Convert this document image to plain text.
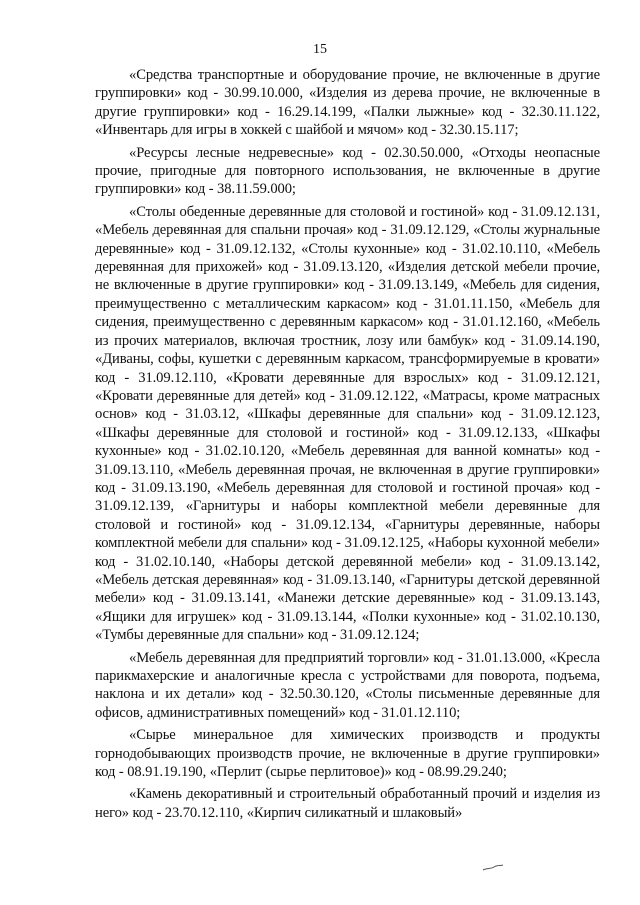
15

«Средства транспортные и оборудование прочие, не включенные в другие группировки» код - 30.99.10.000, «Изделия из дерева прочие, не включенные в другие группировки» код - 16.29.14.199, «Палки лыжные» код - 32.30.11.122, «Инвентарь для игры в хоккей с шайбой и мячом» код - 32.30.15.117;

«Ресурсы лесные недревесные» код - 02.30.50.000, «Отходы неопасные прочие, пригодные для повторного использования, не включенные в другие группировки» код - 38.11.59.000;

«Столы обеденные деревянные для столовой и гостиной» код - 31.09.12.131, «Мебель деревянная для спальни прочая» код - 31.09.12.129, «Столы журнальные деревянные» код - 31.09.12.132, «Столы кухонные» код - 31.02.10.110, «Мебель деревянная для прихожей» код - 31.09.13.120, «Изделия детской мебели прочие, не включенные в другие группировки» код - 31.09.13.149, «Мебель для сидения, преимущественно с металлическим каркасом» код - 31.01.11.150, «Мебель для сидения, преимущественно с деревянным каркасом» код - 31.01.12.160, «Мебель из прочих материалов, включая тростник, лозу или бамбук» код - 31.09.14.190, «Диваны, софы, кушетки с деревянным каркасом, трансформируемые в кровати» код - 31.09.12.110, «Кровати деревянные для взрослых» код - 31.09.12.121, «Кровати деревянные для детей» код - 31.09.12.122, «Матрасы, кроме матрасных основ» код - 31.03.12, «Шкафы деревянные для спальни» код - 31.09.12.123, «Шкафы деревянные для столовой и гостиной» код - 31.09.12.133, «Шкафы кухонные» код - 31.02.10.120, «Мебель деревянная для ванной комнаты» код - 31.09.13.110, «Мебель деревянная прочая, не включенная в другие группировки» код - 31.09.13.190, «Мебель деревянная для столовой и гостиной прочая» код - 31.09.12.139, «Гарнитуры и наборы комплектной мебели деревянные для столовой и гостиной» код - 31.09.12.134, «Гарнитуры деревянные, наборы комплектной мебели для спальни» код - 31.09.12.125, «Наборы кухонной мебели» код - 31.02.10.140, «Наборы детской деревянной мебели» код - 31.09.13.142, «Мебель детская деревянная» код - 31.09.13.140, «Гарнитуры детской деревянной мебели» код - 31.09.13.141, «Манежи детские деревянные» код - 31.09.13.143, «Ящики для игрушек» код - 31.09.13.144, «Полки кухонные» код - 31.02.10.130, «Тумбы деревянные для спальни» код - 31.09.12.124;

«Мебель деревянная для предприятий торговли» код - 31.01.13.000, «Кресла парикмахерские и аналогичные кресла с устройствами для поворота, подъема, наклона и их детали» код - 32.50.30.120, «Столы письменные деревянные для офисов, административных помещений» код - 31.01.12.110;

«Сырье минеральное для химических производств и продукты горнодобывающих производств прочие, не включенные в другие группировки» код - 08.91.19.190, «Перлит (сырье перлитовое)» код - 08.99.29.240;

«Камень декоративный и строительный обработанный прочий и изделия из него» код - 23.70.12.110, «Кирпич силикатный и шлаковый»
